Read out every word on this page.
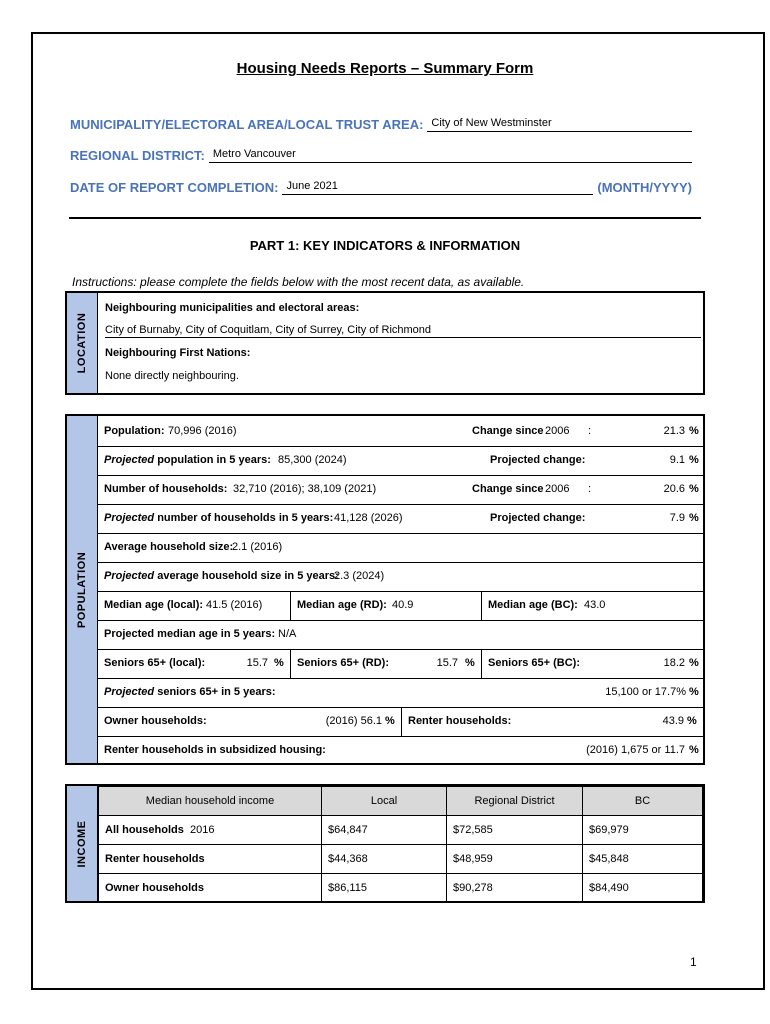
Housing Needs Reports – Summary Form
MUNICIPALITY/ELECTORAL AREA/LOCAL TRUST AREA: City of New Westminster
REGIONAL DISTRICT: Metro Vancouver
DATE OF REPORT COMPLETION: June 2021	(MONTH/YYYY)
PART 1: KEY INDICATORS & INFORMATION
Instructions: please complete the fields below with the most recent data, as available.
LOCATION
Neighbouring municipalities and electoral areas:
City of Burnaby, City of Coquitlam, City of Surrey, City of Richmond
Neighbouring First Nations:
None directly neighbouring.
POPULATION
Population: 70,996 (2016)	Change since 2006 :	21.3 %
Projected population in 5 years: 85,300 (2024)	Projected change:	9.1 %
Number of households: 32,710 (2016); 38,109 (2021)	Change since 2006 :	20.6 %
Projected number of households in 5 years: 41,128 (2026)	Projected change:	7.9 %
Average household size:
2.1 (2016)
Projected average household size in 5 years:
2.3 (2024)
Median age (local): 41.5 (2016)	Median age (RD): 40.9	Median age (BC): 43.0
Projected median age in 5 years: N/A
Seniors 65+ (local):	15.7 % Seniors 65+ (RD):	15.7 % Seniors 65+ (BC):	18.2 %
Projected seniors 65+ in 5 years:	15,100 or 17.7% %
Owner households:	(2016) 56.1 % Renter households:	43.9 %
Renter households in subsidized housing:	(2016) 1,675 or 11.7 %
INCOME
Median household income	Local	Regional District	BC
All households 2016	$64,847	$72,585	$69,979
Renter households	$44,368	$48,959	$45,848
Owner households	$86,115	$90,278	$84,490
1
